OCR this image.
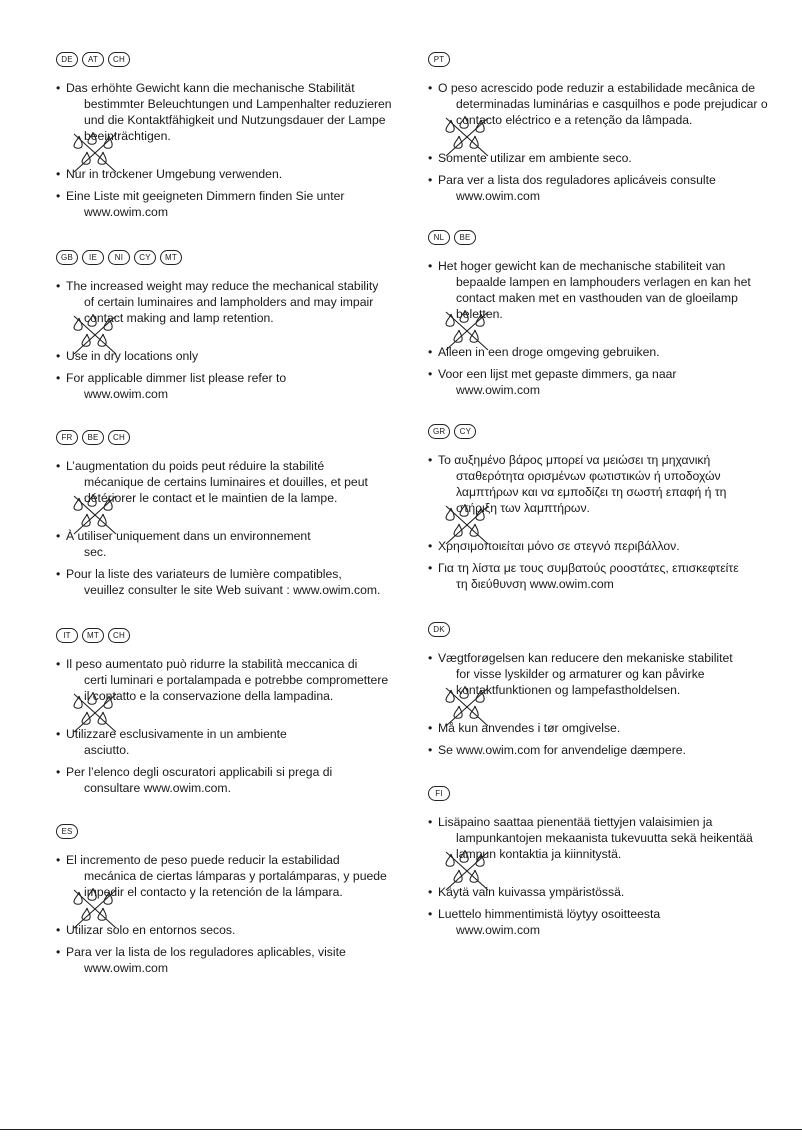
DE	AT	CH

• Das erhöhte Gewicht kann die mechanische Stabilität
bestimmter Beleuchtungen und Lampenhalter reduzieren
und die Kontaktfähigkeit und Nutzungsdauer der Lampe
beeinträchtigen.

• Nur in trockener Umgebung verwenden.

• Eine Liste mit geeigneten Dimmern finden Sie unter
www.owim.com

GB	IE	NI	CY	MT

• The increased weight may reduce the mechanical stability
of certain luminaires and lampholders and may impair
contact making and lamp retention.

• Use in dry locations only

• For applicable dimmer list please refer to
www.owim.com

FR	BE	CH

• L’augmentation du poids peut réduire la stabilité
mécanique de certains luminaires et douilles, et peut
détériorer le contact et le maintien de la lampe.

• À utiliser uniquement dans un environnement
sec.

• Pour la liste des variateurs de lumière compatibles,
veuillez consulter le site Web suivant : www.owim.com.

IT	MT	CH

• Il peso aumentato può ridurre la stabilità meccanica di
certi luminari e portalampada e potrebbe compromettere
il contatto e la conservazione della lampadina.

• Utilizzare esclusivamente in un ambiente
asciutto.

• Per l’elenco degli oscuratori applicabili si prega di
consultare www.owim.com.

ES

• El incremento de peso puede reducir la estabilidad
mecánica de ciertas lámparas y portalámparas, y puede
impedir el contacto y la retención de la lámpara.

• Utilizar solo en entornos secos.

• Para ver la lista de los reguladores aplicables, visite
www.owim.com

PT

• O peso acrescido pode reduzir a estabilidade mecânica de
determinadas luminárias e casquilhos e pode prejudicar o
contacto eléctrico e a retenção da lâmpada.

• Somente utilizar em ambiente seco.

• Para ver a lista dos reguladores aplicáveis consulte
www.owim.com

NL	BE

• Het hoger gewicht kan de mechanische stabiliteit van
bepaalde lampen en lamphouders verlagen en kan het
contact maken met en vasthouden van de gloeilamp
beletten.

• Alleen in een droge omgeving gebruiken.

• Voor een lijst met gepaste dimmers, ga naar
www.owim.com

GR	CY

• Το αυξημένο βάρος μπορεί να μειώσει τη μηχανική
σταθερότητα ορισμένων φωτιστικών ή υποδοχών
λαμπτήρων και να εμποδίζει τη σωστή επαφή ή τη
στήριξη των λαμπτήρων.

• Χρησιμοποιείται μόνο σε στεγνό περιβάλλον.

• Για τη λίστα με τους συμβατούς ροοστάτες, επισκεφτείτε
τη διεύθυνση www.owim.com

DK

• Vægtforøgelsen kan reducere den mekaniske stabilitet
for visse lyskilder og armaturer og kan påvirke
kontaktfunktionen og lampefastholdelsen.

• Må kun anvendes i tør omgivelse.

• Se www.owim.com for anvendelige dæmpere.

FI

• Lisäpaino saattaa pienentää tiettyjen valaisimien ja
lampunkantojen mekaanista tukevuutta sekä heikentää
lampun kontaktia ja kiinnitystä.

• Käytä vain kuivassa ympäristössä.

• Luettelo himmentimistä löytyy osoitteesta
www.owim.com
